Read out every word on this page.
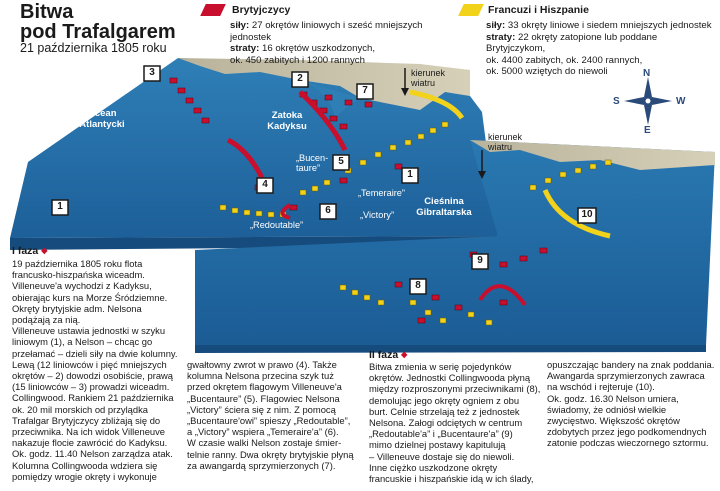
Ocean
Atlantycki
Zatoka
Kadyksu
Cieśnina
Gibraltarska
kierunek
wiatru
kierunek
wiatru
„Bucen-
taure”
„Temeraire”
„Victory”
„Redoutable”
N
E
S	W
3
2
7
4
5
6
1
1
8
9
10
Bitwa
pod Trafalgarem
21 października 1805 roku
Brytyjczycy
siły: 27 okrętów liniowych i sześć mniejszych jednostek
straty: 16 okrętów uszkodzonych,
ok. 450 zabitych i 1200 rannych
Francuzi i Hiszpanie
siły: 33 okręty liniowe i siedem mniejszych jednostek
straty: 22 okręty zatopione lub poddane Brytyjczykom,
ok. 4400 zabitych, ok. 2400 rannych,
ok. 5000 wziętych do niewoli
I faza ◆
19 października 1805 roku flota
francusko-hiszpańska wiceadm.
Villeneuve'a wychodzi z Kadyksu,
obierając kurs na Morze Śródziemne.
Okręty brytyjskie adm. Nelsona
podążają za nią.
Villeneuve ustawia jednostki w szyku
liniowym (1), a Nelson – chcąc go
przełamać – dzieli siły na dwie kolumny.
Lewą (12 liniowców i pięć mniejszych
okrętów – 2) dowodzi osobiście, prawą
(15 liniowców – 3) prowadzi wiceadm.
Collingwood. Rankiem 21 października
ok. 20 mil morskich od przylądka
Trafalgar Brytyjczycy zbliżają się do
przeciwnika. Na ich widok Villeneuve
nakazuje flocie zawrócić do Kadyksu.
Ok. godz. 11.40 Nelson zarządza atak.
Kolumna Collingwooda wdziera się
pomiędzy wrogie okręty i wykonuje
gwałtowny zwrot w prawo (4). Także
kolumna Nelsona przecina szyk tuż
przed okrętem flagowym Villeneuve'a
„Bucentaure” (5). Flagowiec Nelsona
„Victory” ściera się z nim. Z pomocą
„Bucentaure'owi” spieszy „Redoutable”,
a „Victory” wspiera „Temeraire'a” (6).
W czasie walki Nelson zostaje śmier-
telnie ranny. Dwa okręty brytyjskie płyną
za awangardą sprzymierzonych (7).
II faza ◆
Bitwa zmienia w serię pojedynków
okrętów. Jednostki Collingwooda płyną
między rozproszonymi przeciwnikami (8),
demolując jego okręty ogniem z obu
burt. Celnie strzelają też z jednostek
Nelsona. Załogi odciętych w centrum
„Redoutable'a” i „Bucentaure'a” (9)
mimo dzielnej postawy kapitulują
– Villeneuve dostaje się do niewoli.
Inne ciężko uszkodzone okręty
francuskie i hiszpańskie idą w ich ślady,
opuszczając bandery na znak poddania.
Awangarda sprzymierzonych zawraca
na wschód i rejteruje (10).
Ok. godz. 16.30 Nelson umiera,
świadomy, że odniósł wielkie
zwycięstwo. Większość okrętów
zdobytych przez jego podkomendnych
zatonie podczas wieczornego sztormu.
